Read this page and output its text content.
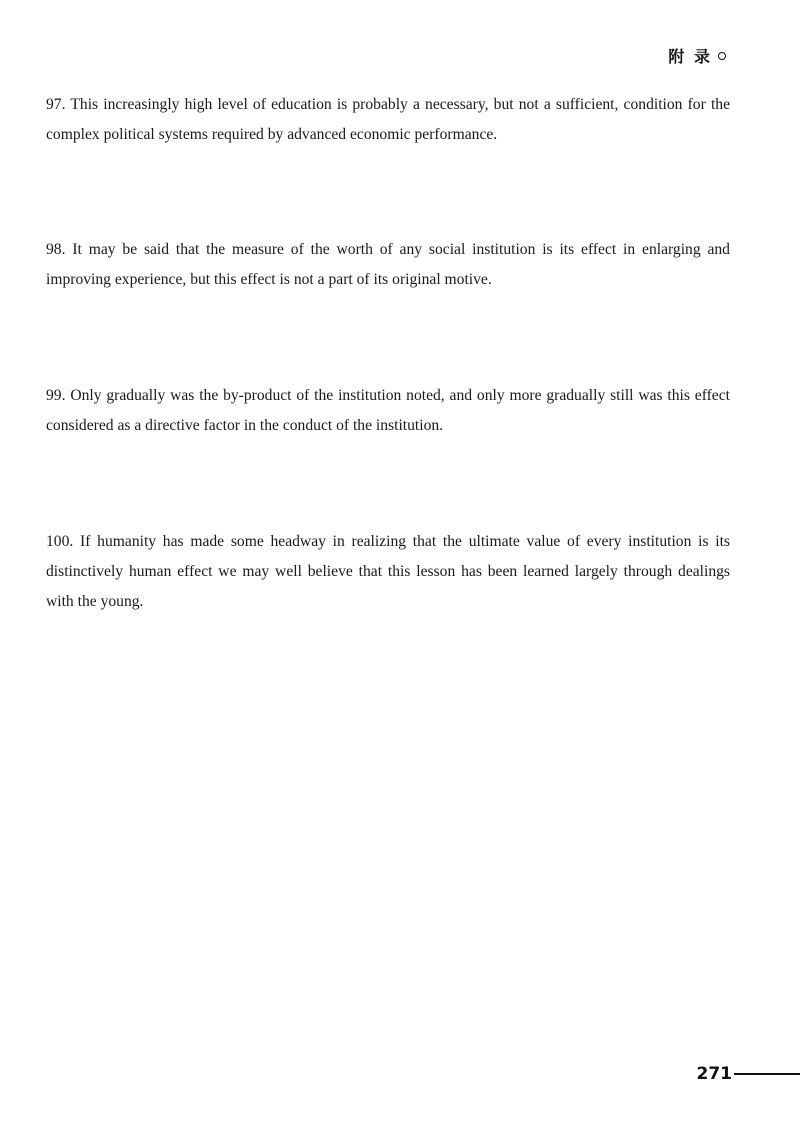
附 录

97. This increasingly high level of education is probably a necessary, but not a sufficient, condition for the complex political systems required by advanced economic performance.

98. It may be said that the measure of the worth of any social institution is its effect in enlarging and improving experience, but this effect is not a part of its original motive.

99. Only gradually was the by-product of the institution noted, and only more gradually still was this effect considered as a directive factor in the conduct of the institution.

100. If humanity has made some headway in realizing that the ultimate value of every institution is its distinctively human effect we may well believe that this lesson has been learned largely through dealings with the young.

271
